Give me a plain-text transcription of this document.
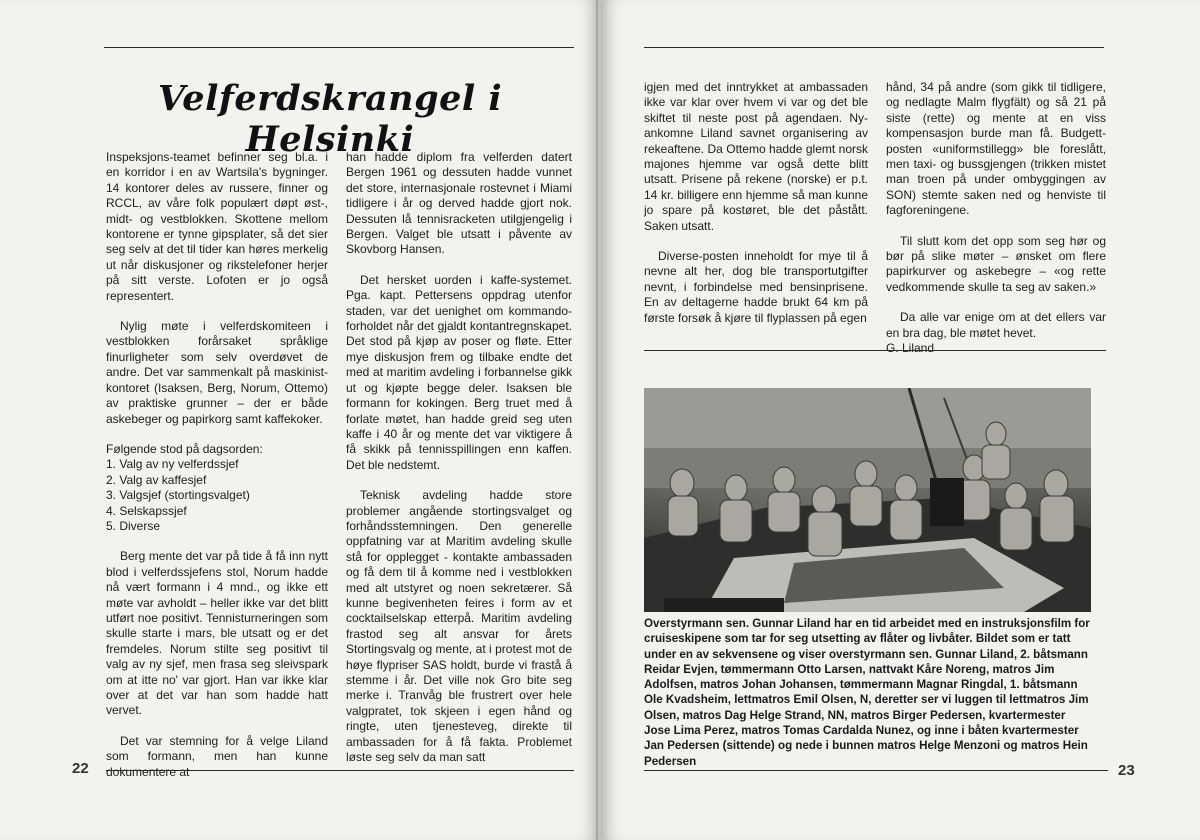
Velferdskrangel i Helsinki

Inspeksjons-teamet befinner seg bl.a. i en korridor i en av Wartsila's bygninger. 14 kontorer deles av russere, finner og RCCL, av våre folk populært døpt øst-, midt- og vestblokken. Skottene mellom kontorene er tynne gipsplater, så det sier seg selv at det til tider kan høres merkelig ut når diskusjoner og rikstelefoner herjer på sitt verste. Lofoten er jo også representert.

Nylig møte i velferdskomiteen i vestblokken forårsaket språklige finurligheter som selv overdøvet de andre. Det var sammenkalt på maskinist-kontoret (Isaksen, Berg, Norum, Ottemo) av praktiske grunner – der er både askebeger og papirkorg samt kaffekoker.

Følgende stod på dagsorden:

1. Valg av ny velferdssjef
2. Valg av kaffesjef
3. Valgsjef (stortingsvalget)
4. Selskapssjef
5. Diverse

Berg mente det var på tide å få inn nytt blod i velferdssjefens stol, Norum hadde nå vært formann i 4 mnd., og ikke ett møte var avholdt – heller ikke var det blitt utført noe positivt. Tennisturneringen som skulle starte i mars, ble utsatt og er det fremdeles. Norum stilte seg positivt til valg av ny sjef, men frasa seg sleivspark om at itte no' var gjort. Han var ikke klar over at det var han som hadde hatt vervet.

Det var stemning for å velge Liland som formann, men han kunne dokumentere at

han hadde diplom fra velferden datert Bergen 1961 og dessuten hadde vunnet det store, internasjonale rostevnet i Miami tidligere i år og derved hadde gjort nok. Dessuten lå tennisracketen utilgjengelig i Bergen. Valget ble utsatt i påvente av Skovborg Hansen.

Det hersket uorden i kaffe-systemet. Pga. kapt. Pettersens oppdrag utenfor staden, var det uenighet om kommando-forholdet når det gjaldt kontantregnskapet. Det stod på kjøp av poser og fløte. Etter mye diskusjon frem og tilbake endte det med at maritim avdeling i forbannelse gikk ut og kjøpte begge deler. Isaksen ble formann for kokingen. Berg truet med å forlate møtet, han hadde greid seg uten kaffe i 40 år og mente det var viktigere å få skikk på tennisspillingen enn kaffen. Det ble nedstemt.

Teknisk avdeling hadde store problemer angående stortingsvalget og forhåndsstemningen. Den generelle oppfatning var at Maritim avdeling skulle stå for opplegget - kontakte ambassaden og få dem til å komme ned i vestblokken med alt utstyret og noen sekretærer. Så kunne begivenheten feires i form av et cocktailselskap etterpå. Maritim avdeling frastod seg alt ansvar for årets Stortingsvalg og mente, at i protest mot de høye flypriser SAS holdt, burde vi frastå å stemme i år. Det ville nok Gro bite seg merke i. Tranvåg ble frustrert over hele valgpratet, tok skjeen i egen hånd og ringte, uten tjenesteveg, direkte til ambassaden for å få fakta. Problemet løste seg selv da man satt

22

igjen med det inntrykket at ambassaden ikke var klar over hvem vi var og det ble skiftet til neste post på agendaen. Ny-ankomne Liland savnet organisering av rekeaftene. Da Ottemo hadde glemt norsk majones hjemme var også dette blitt utsatt. Prisene på rekene (norske) er p.t. 14 kr. billigere enn hjemme så man kunne jo spare på kostøret, ble det påstått. Saken utsatt.

Diverse-posten inneholdt for mye til å nevne alt her, dog ble transportutgifter nevnt, i forbindelse med bensinprisene. En av deltagerne hadde brukt 64 km på første forsøk å kjøre til flyplassen på egen

hånd, 34 på andre (som gikk til tidligere, og nedlagte Malm flygfält) og så 21 på siste (rette) og mente at en viss kompensasjon burde man få. Budgett-posten «uniformstillegg» ble foreslått, men taxi- og bussgjengen (trikken mistet man troen på under ombyggingen av SON) stemte saken ned og henviste til fagforeningene.

Til slutt kom det opp som seg hør og bør på slike møter – ønsket om flere papirkurver og askebegre – «og rette vedkommende skulle ta seg av saken.»

Da alle var enige om at det ellers var en bra dag, ble møtet hevet.

G. Liland

23
Overstyrmann sen. Gunnar Liland har en tid arbeidet med en instruksjonsfilm for cruiseskipene som tar for seg utsetting av flåter og livbåter. Bildet som er tatt under en av sekvensene og viser overstyrmann sen. Gunnar Liland, 2. båtsmann Reidar Evjen, tømmermann Otto Larsen, nattvakt Kåre Noreng, matros Jim Adolfsen, matros Johan Johansen, tømmermann Magnar Ringdal, 1. båtsmann Ole Kvadsheim, lettmatros Emil Olsen, N, deretter ser vi luggen til lettmatros Jim Olsen, matros Dag Helge Strand, NN, matros Birger Pedersen, kvartermester Jose Lima Perez, matros Tomas Cardalda Nunez, og inne i båten kvartermester Jan Pedersen (sittende) og nede i bunnen matros Helge Menzoni og matros Hein Pedersen
